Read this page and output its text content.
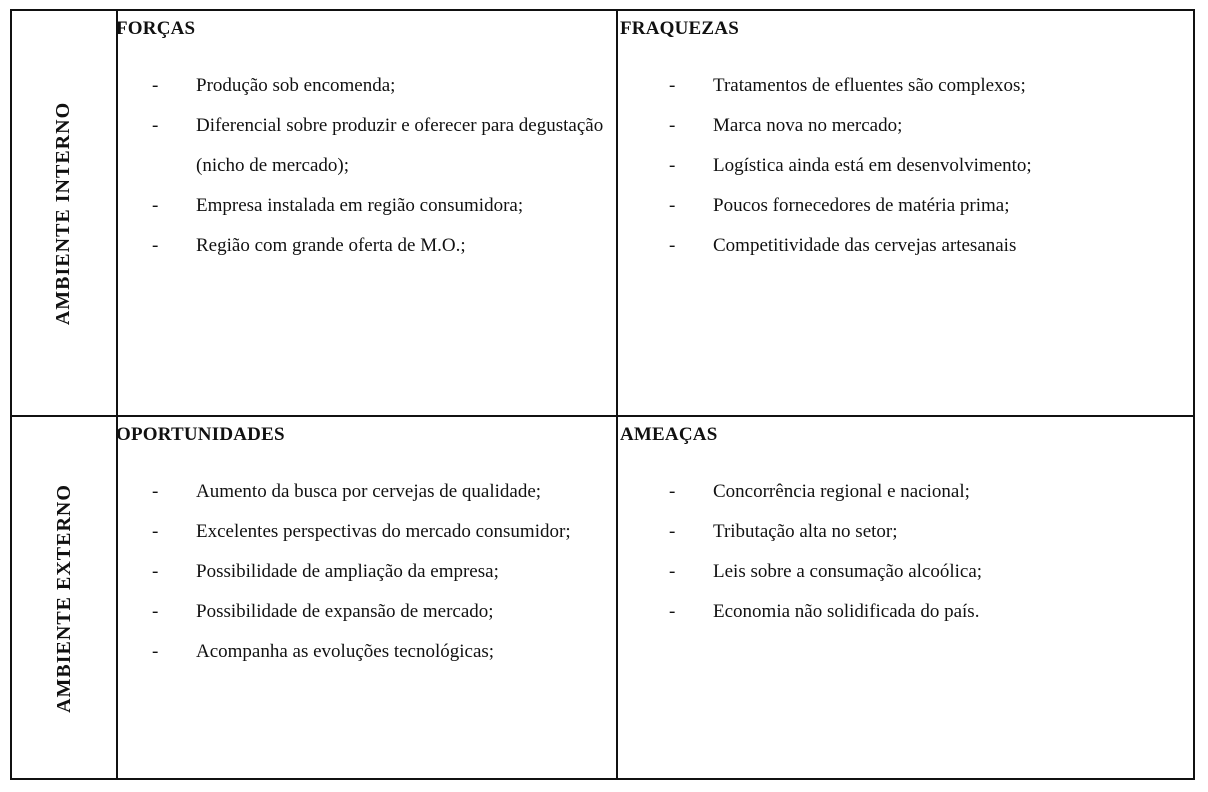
AMBIENTE INTERNO
AMBIENTE EXTERNO
FORÇAS
- Produção sob encomenda;
- Diferencial sobre produzir e oferecer para degustação (nicho de mercado);
- Empresa instalada em região consumidora;
- Região com grande oferta de M.O.;
FRAQUEZAS
- Tratamentos de efluentes são complexos;
- Marca nova no mercado;
- Logística ainda está em desenvolvimento;
- Poucos fornecedores de matéria prima;
- Competitividade das cervejas artesanais
OPORTUNIDADES
- Aumento da busca por cervejas de qualidade;
- Excelentes perspectivas do mercado consumidor;
- Possibilidade de ampliação da empresa;
- Possibilidade de expansão de mercado;
- Acompanha as evoluções tecnológicas;
AMEAÇAS
- Concorrência regional e nacional;
- Tributação alta no setor;
- Leis sobre a consumação alcoólica;
- Economia não solidificada do país.
